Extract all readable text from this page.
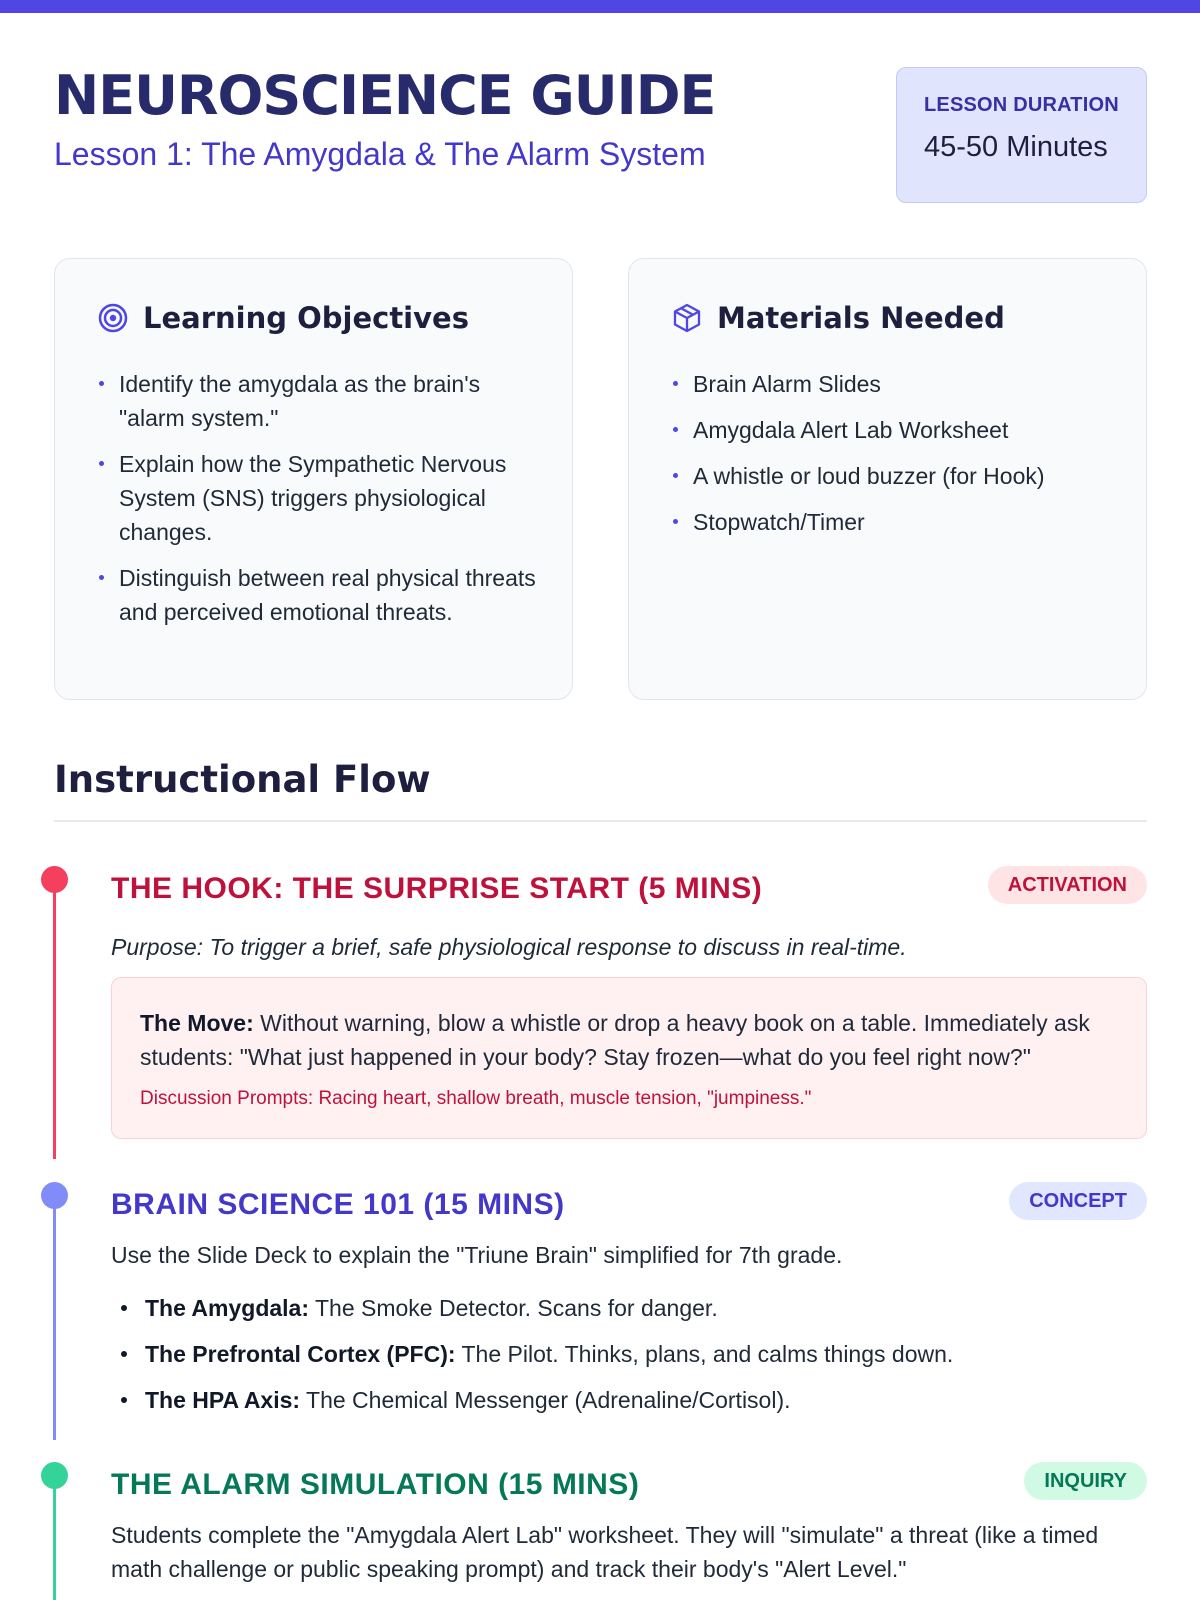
NEUROSCIENCE GUIDE
Lesson 1: The Amygdala & The Alarm System
LESSON DURATION
45-50 Minutes
Learning Objectives
Identify the amygdala as the brain's "alarm system."
Explain how the Sympathetic Nervous System (SNS) triggers physiological changes.
Distinguish between real physical threats and perceived emotional threats.
Materials Needed
Brain Alarm Slides
Amygdala Alert Lab Worksheet
A whistle or loud buzzer (for Hook)
Stopwatch/Timer
Instructional Flow
THE HOOK: THE SURPRISE START (5 MINS)	ACTIVATION
Purpose: To trigger a brief, safe physiological response to discuss in real-time.
The Move: Without warning, blow a whistle or drop a heavy book on a table. Immediately ask students: "What just happened in your body? Stay frozen—what do you feel right now?"
Discussion Prompts: Racing heart, shallow breath, muscle tension, "jumpiness."
BRAIN SCIENCE 101 (15 MINS)	CONCEPT
Use the Slide Deck to explain the "Triune Brain" simplified for 7th grade.
The Amygdala: The Smoke Detector. Scans for danger.
The Prefrontal Cortex (PFC): The Pilot. Thinks, plans, and calms things down.
The HPA Axis: The Chemical Messenger (Adrenaline/Cortisol).
THE ALARM SIMULATION (15 MINS)	INQUIRY
Students complete the "Amygdala Alert Lab" worksheet. They will "simulate" a threat (like a timed math challenge or public speaking prompt) and track their body's "Alert Level."
